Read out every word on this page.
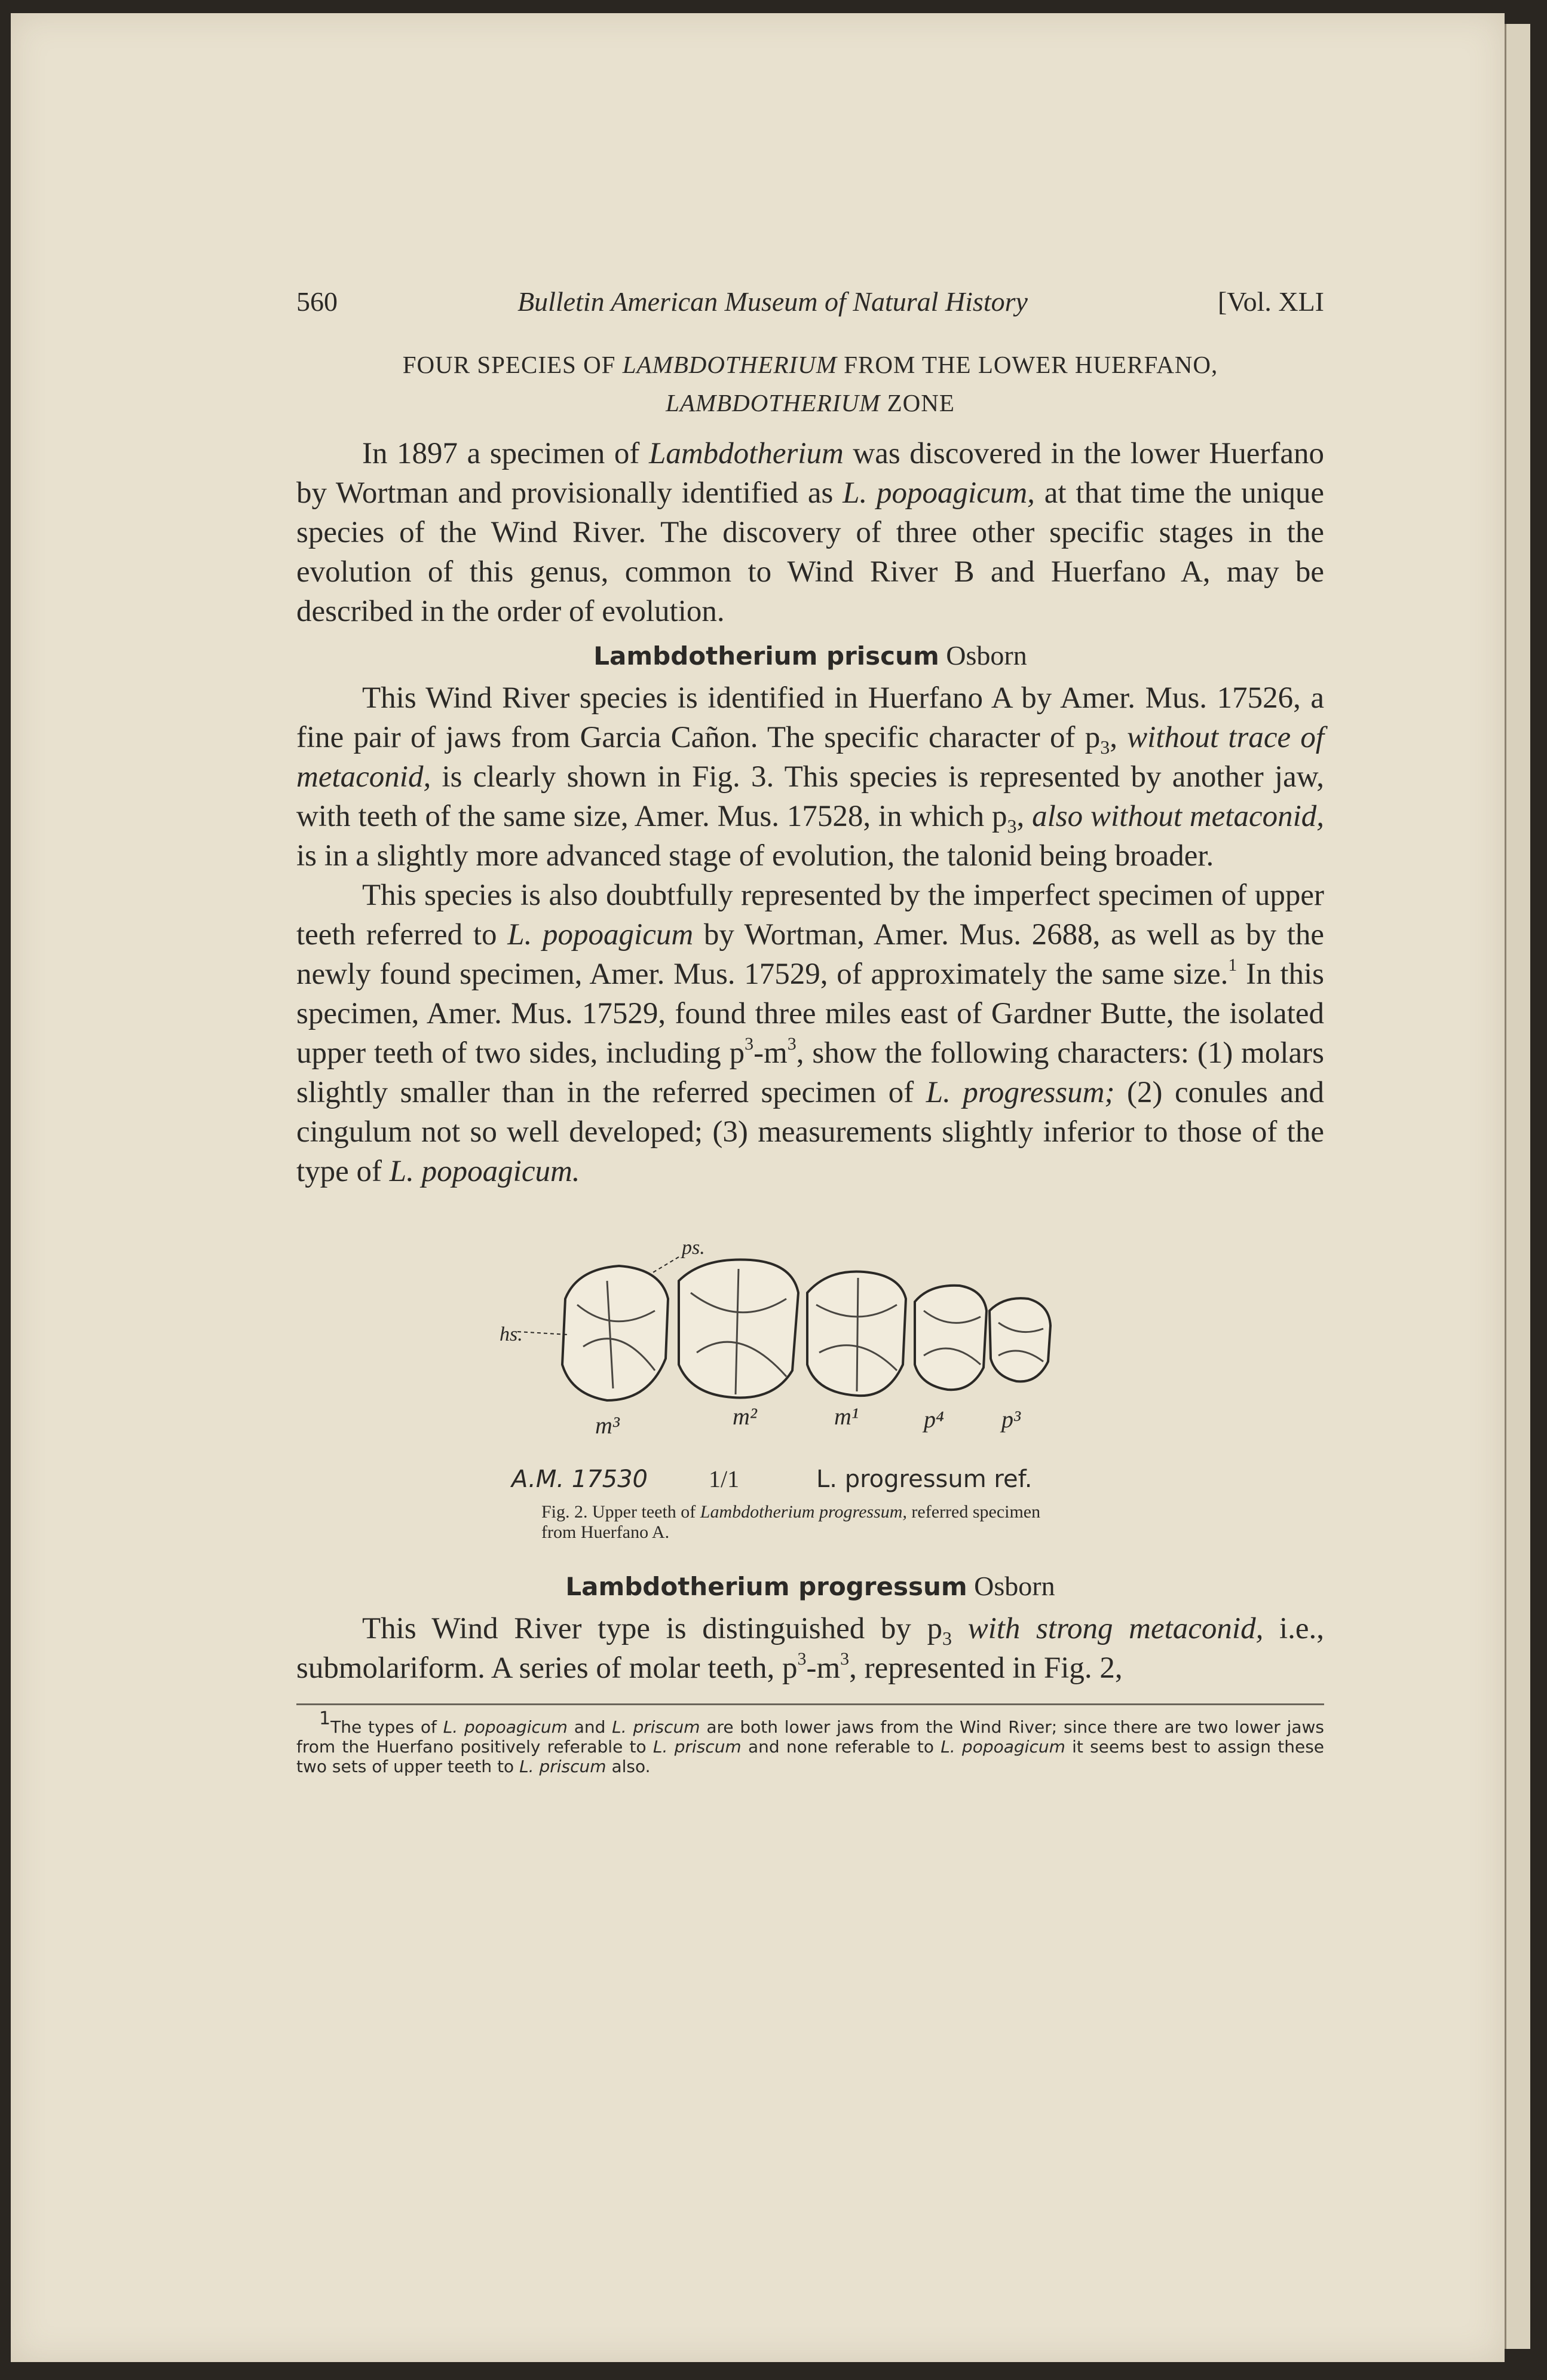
560	Bulletin American Museum of Natural History	[Vol. XLI
FOUR SPECIES OF LAMBDOTHERIUM FROM THE LOWER HUERFANO,
LAMBDOTHERIUM ZONE

In 1897 a specimen of Lambdotherium was discovered in the lower Huerfano by Wortman and provisionally identified as L. popoagicum, at that time the unique species of the Wind River. The discovery of three other specific stages in the evolution of this genus, common to Wind River B and Huerfano A, may be described in the order of evolution.

Lambdotherium priscum Osborn

This Wind River species is identified in Huerfano A by Amer. Mus. 17526, a fine pair of jaws from Garcia Cañon. The specific character of $p_3$, without trace of metaconid, is clearly shown in Fig. 3. This species is represented by another jaw, with teeth of the same size, Amer. Mus. 17528, in which $p_3$, also without metaconid, is in a slightly more advanced stage of evolution, the talonid being broader.

This species is also doubtfully represented by the imperfect specimen of upper teeth referred to L. popoagicum by Wortman, Amer. Mus. 2688, as well as by the newly found specimen, Amer. Mus. 17529, of approximately the same size.$^1$ In this specimen, Amer. Mus. 17529, found three miles east of Gardner Butte, the isolated upper teeth of two sides, including $p^3-m^3$, show the following characters: (1) molars slightly smaller than in the referred specimen of L. progressum; (2) conules and cingulum not so well developed; (3) measurements slightly inferior to those of the type of L. popoagicum.

hs.
ps.
m³	m²	m¹	p⁴ p³
A.M. 17530	1/1	L. progressum ref.
Fig. 2. Upper teeth of Lambdotherium progressum, referred specimen from Huerfano A.
Lambdotherium progressum Osborn

This Wind River type is distinguished by $p_3$ with strong metaconid, i.e., submolariform. A series of molar teeth, $p^3-m^3$, represented in Fig. 2,

$^1$The types of L. popoagicum and L. priscum are both lower jaws from the Wind River; since there are two lower jaws from the Huerfano positively referable to L. priscum and none referable to L. popoagicum it seems best to assign these two sets of upper teeth to L. priscum also.
